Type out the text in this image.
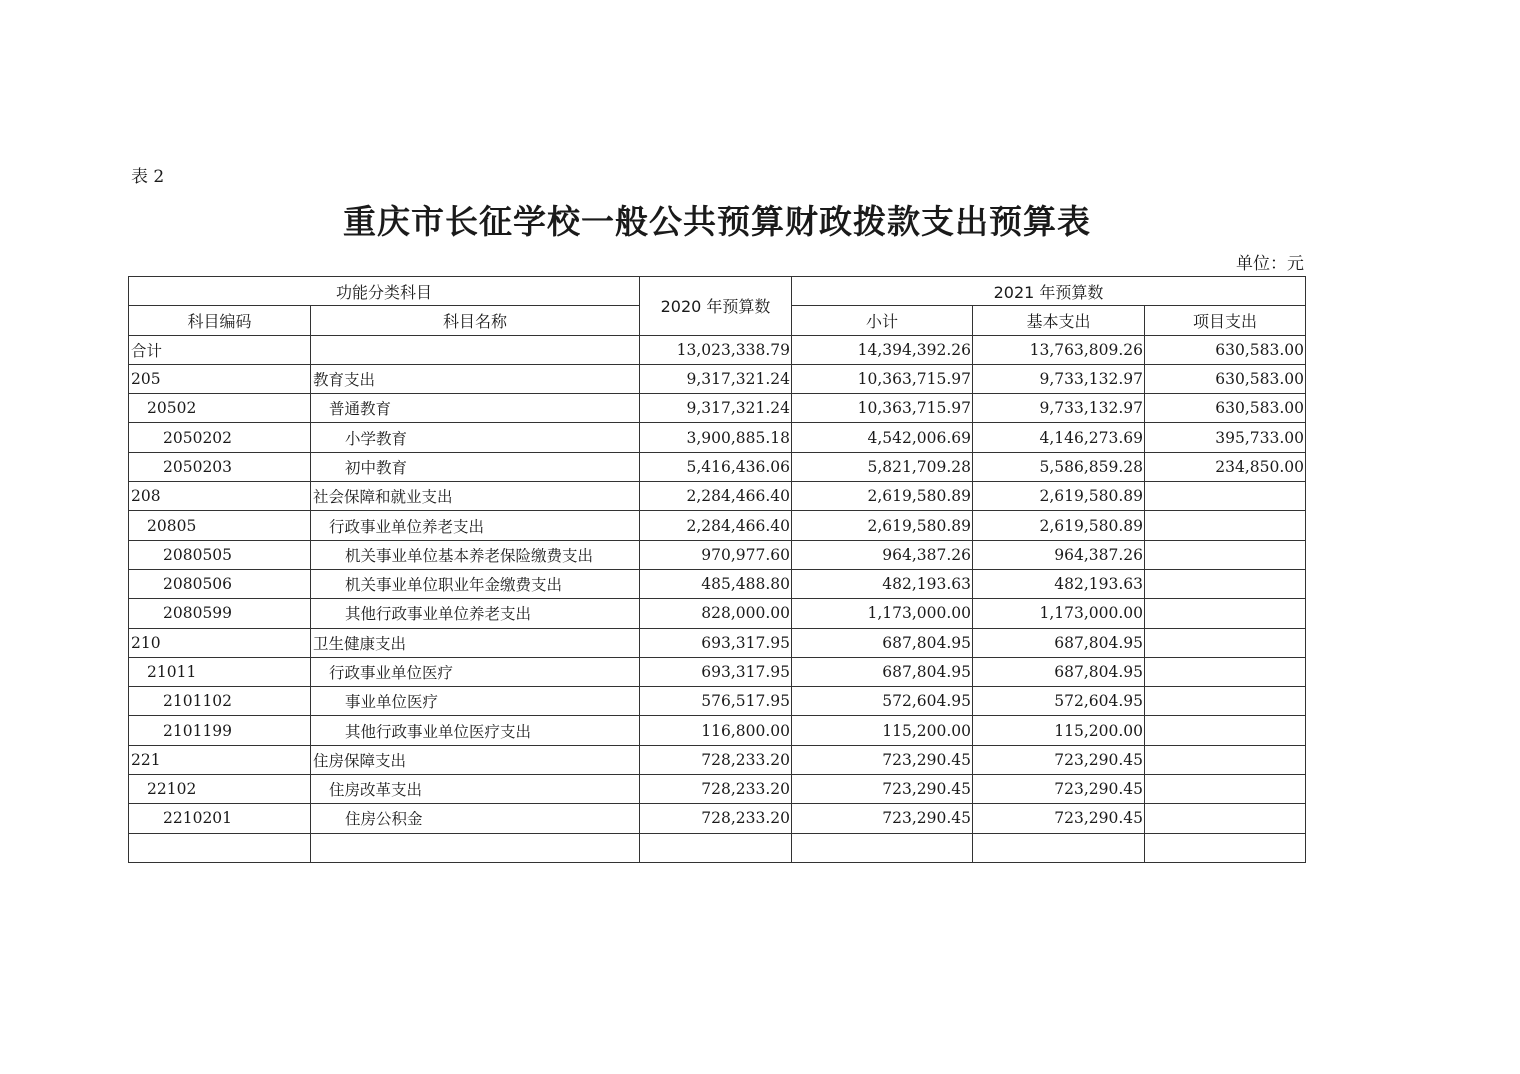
表 2
重庆市长征学校一般公共预算财政拨款支出预算表
单位：元
功能分类科目		2020 年预算数	2021 年预算数		
科目编码	科目名称		小计	基本支出	项目支出
合计		13,023,338.79	14,394,392.26	13,763,809.26	630,583.00
205	教育支出	9,317,321.24	10,363,715.97	9,733,132.97	630,583.00
20502	普通教育	9,317,321.24	10,363,715.97	9,733,132.97	630,583.00
2050202	小学教育	3,900,885.18	4,542,006.69	4,146,273.69	395,733.00
2050203	初中教育	5,416,436.06	5,821,709.28	5,586,859.28	234,850.00
208	社会保障和就业支出	2,284,466.40	2,619,580.89	2,619,580.89	
20805	行政事业单位养老支出	2,284,466.40	2,619,580.89	2,619,580.89	
2080505	机关事业单位基本养老保险缴费支出	970,977.60	964,387.26	964,387.26	
2080506	机关事业单位职业年金缴费支出	485,488.80	482,193.63	482,193.63	
2080599	其他行政事业单位养老支出	828,000.00	1,173,000.00	1,173,000.00	
210	卫生健康支出	693,317.95	687,804.95	687,804.95	
21011	行政事业单位医疗	693,317.95	687,804.95	687,804.95	
2101102	事业单位医疗	576,517.95	572,604.95	572,604.95	
2101199	其他行政事业单位医疗支出	116,800.00	115,200.00	115,200.00	
221	住房保障支出	728,233.20	723,290.45	723,290.45	
22102	住房改革支出	728,233.20	723,290.45	723,290.45	
2210201	住房公积金	728,233.20	723,290.45	723,290.45	
